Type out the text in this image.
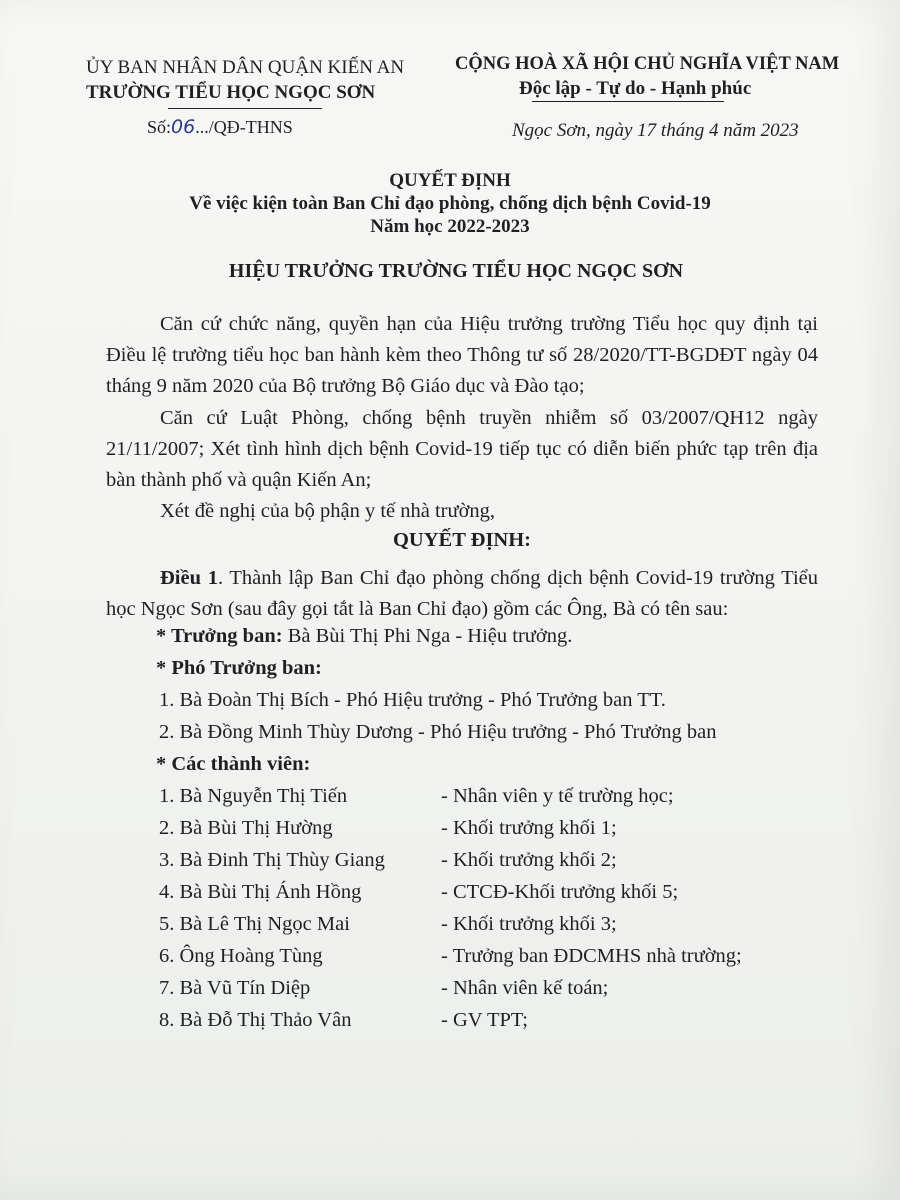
ỦY BAN NHÂN DÂN QUẬN KIẾN AN
TRƯỜNG TIỂU HỌC NGỌC SƠN
Số:06.../QĐ-THNS
CỘNG HOÀ XÃ HỘI CHỦ NGHĨA VIỆT NAM
Độc lập - Tự do - Hạnh phúc
Ngọc Sơn, ngày 17 tháng 4 năm 2023
QUYẾT ĐỊNH
Về việc kiện toàn Ban Chỉ đạo phòng, chống dịch bệnh Covid-19
Năm học 2022-2023
HIỆU TRƯỞNG TRƯỜNG TIỂU HỌC NGỌC SƠN
Căn cứ chức năng, quyền hạn của Hiệu trưởng trường Tiểu học quy định tại Điều lệ trường tiểu học ban hành kèm theo Thông tư số 28/2020/TT-BGDĐT ngày 04 tháng 9 năm 2020 của Bộ trưởng Bộ Giáo dục và Đào tạo;
Căn cứ Luật Phòng, chống bệnh truyền nhiễm số 03/2007/QH12 ngày 21/11/2007; Xét tình hình dịch bệnh Covid-19 tiếp tục có diễn biến phức tạp trên địa bàn thành phố và quận Kiến An;
Xét đề nghị của bộ phận y tế nhà trường,
QUYẾT ĐỊNH:
Điều 1. Thành lập Ban Chỉ đạo phòng chống dịch bệnh Covid-19 trường Tiểu học Ngọc Sơn (sau đây gọi tắt là Ban Chỉ đạo) gồm các Ông, Bà có tên sau:
* Trưởng ban: Bà Bùi Thị Phi Nga - Hiệu trưởng.
* Phó Trưởng ban:
1. Bà Đoàn Thị Bích - Phó Hiệu trưởng - Phó Trưởng ban TT.
2. Bà Đồng Minh Thùy Dương - Phó Hiệu trưởng - Phó Trưởng ban
* Các thành viên:
1. Bà Nguyễn Thị Tiến	- Nhân viên y tế trường học;
2. Bà Bùi Thị Hường	- Khối trưởng khối 1;
3. Bà Đinh Thị Thùy Giang	- Khối trưởng khối 2;
4. Bà Bùi Thị Ánh Hồng	- CTCĐ-Khối trưởng khối 5;
5. Bà Lê Thị Ngọc Mai	- Khối trưởng khối 3;
6. Ông Hoàng Tùng	- Trưởng ban ĐDCMHS nhà trường;
7. Bà Vũ Tín Diệp	- Nhân viên kế toán;
8. Bà Đỗ Thị Thảo Vân	- GV TPT;
